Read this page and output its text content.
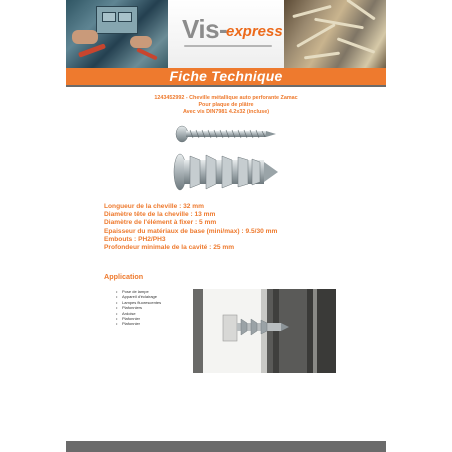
Vis-
express
Fiche Technique
1243452992 - Cheville métallique auto perforante Zamac
Pour plaque de plâtre
Avec vis DIN7981 4.2x32 (incluse)
Longueur de la cheville : 32 mm
Diamètre tête de la cheville : 13 mm
Diamètre de l'élément à fixer : 5 mm
Epaisseur du matériaux de base (mini/max) : 9.5/30 mm
Embouts : PH2/PH3
Profondeur minimale de la cavité : 25 mm
Application
• Pose de lampe
• Appareil d'éclairage
• Lampes fluorescentes
• Plafonniers
• Ardoise
• Plafonnier
• Plafonnier
